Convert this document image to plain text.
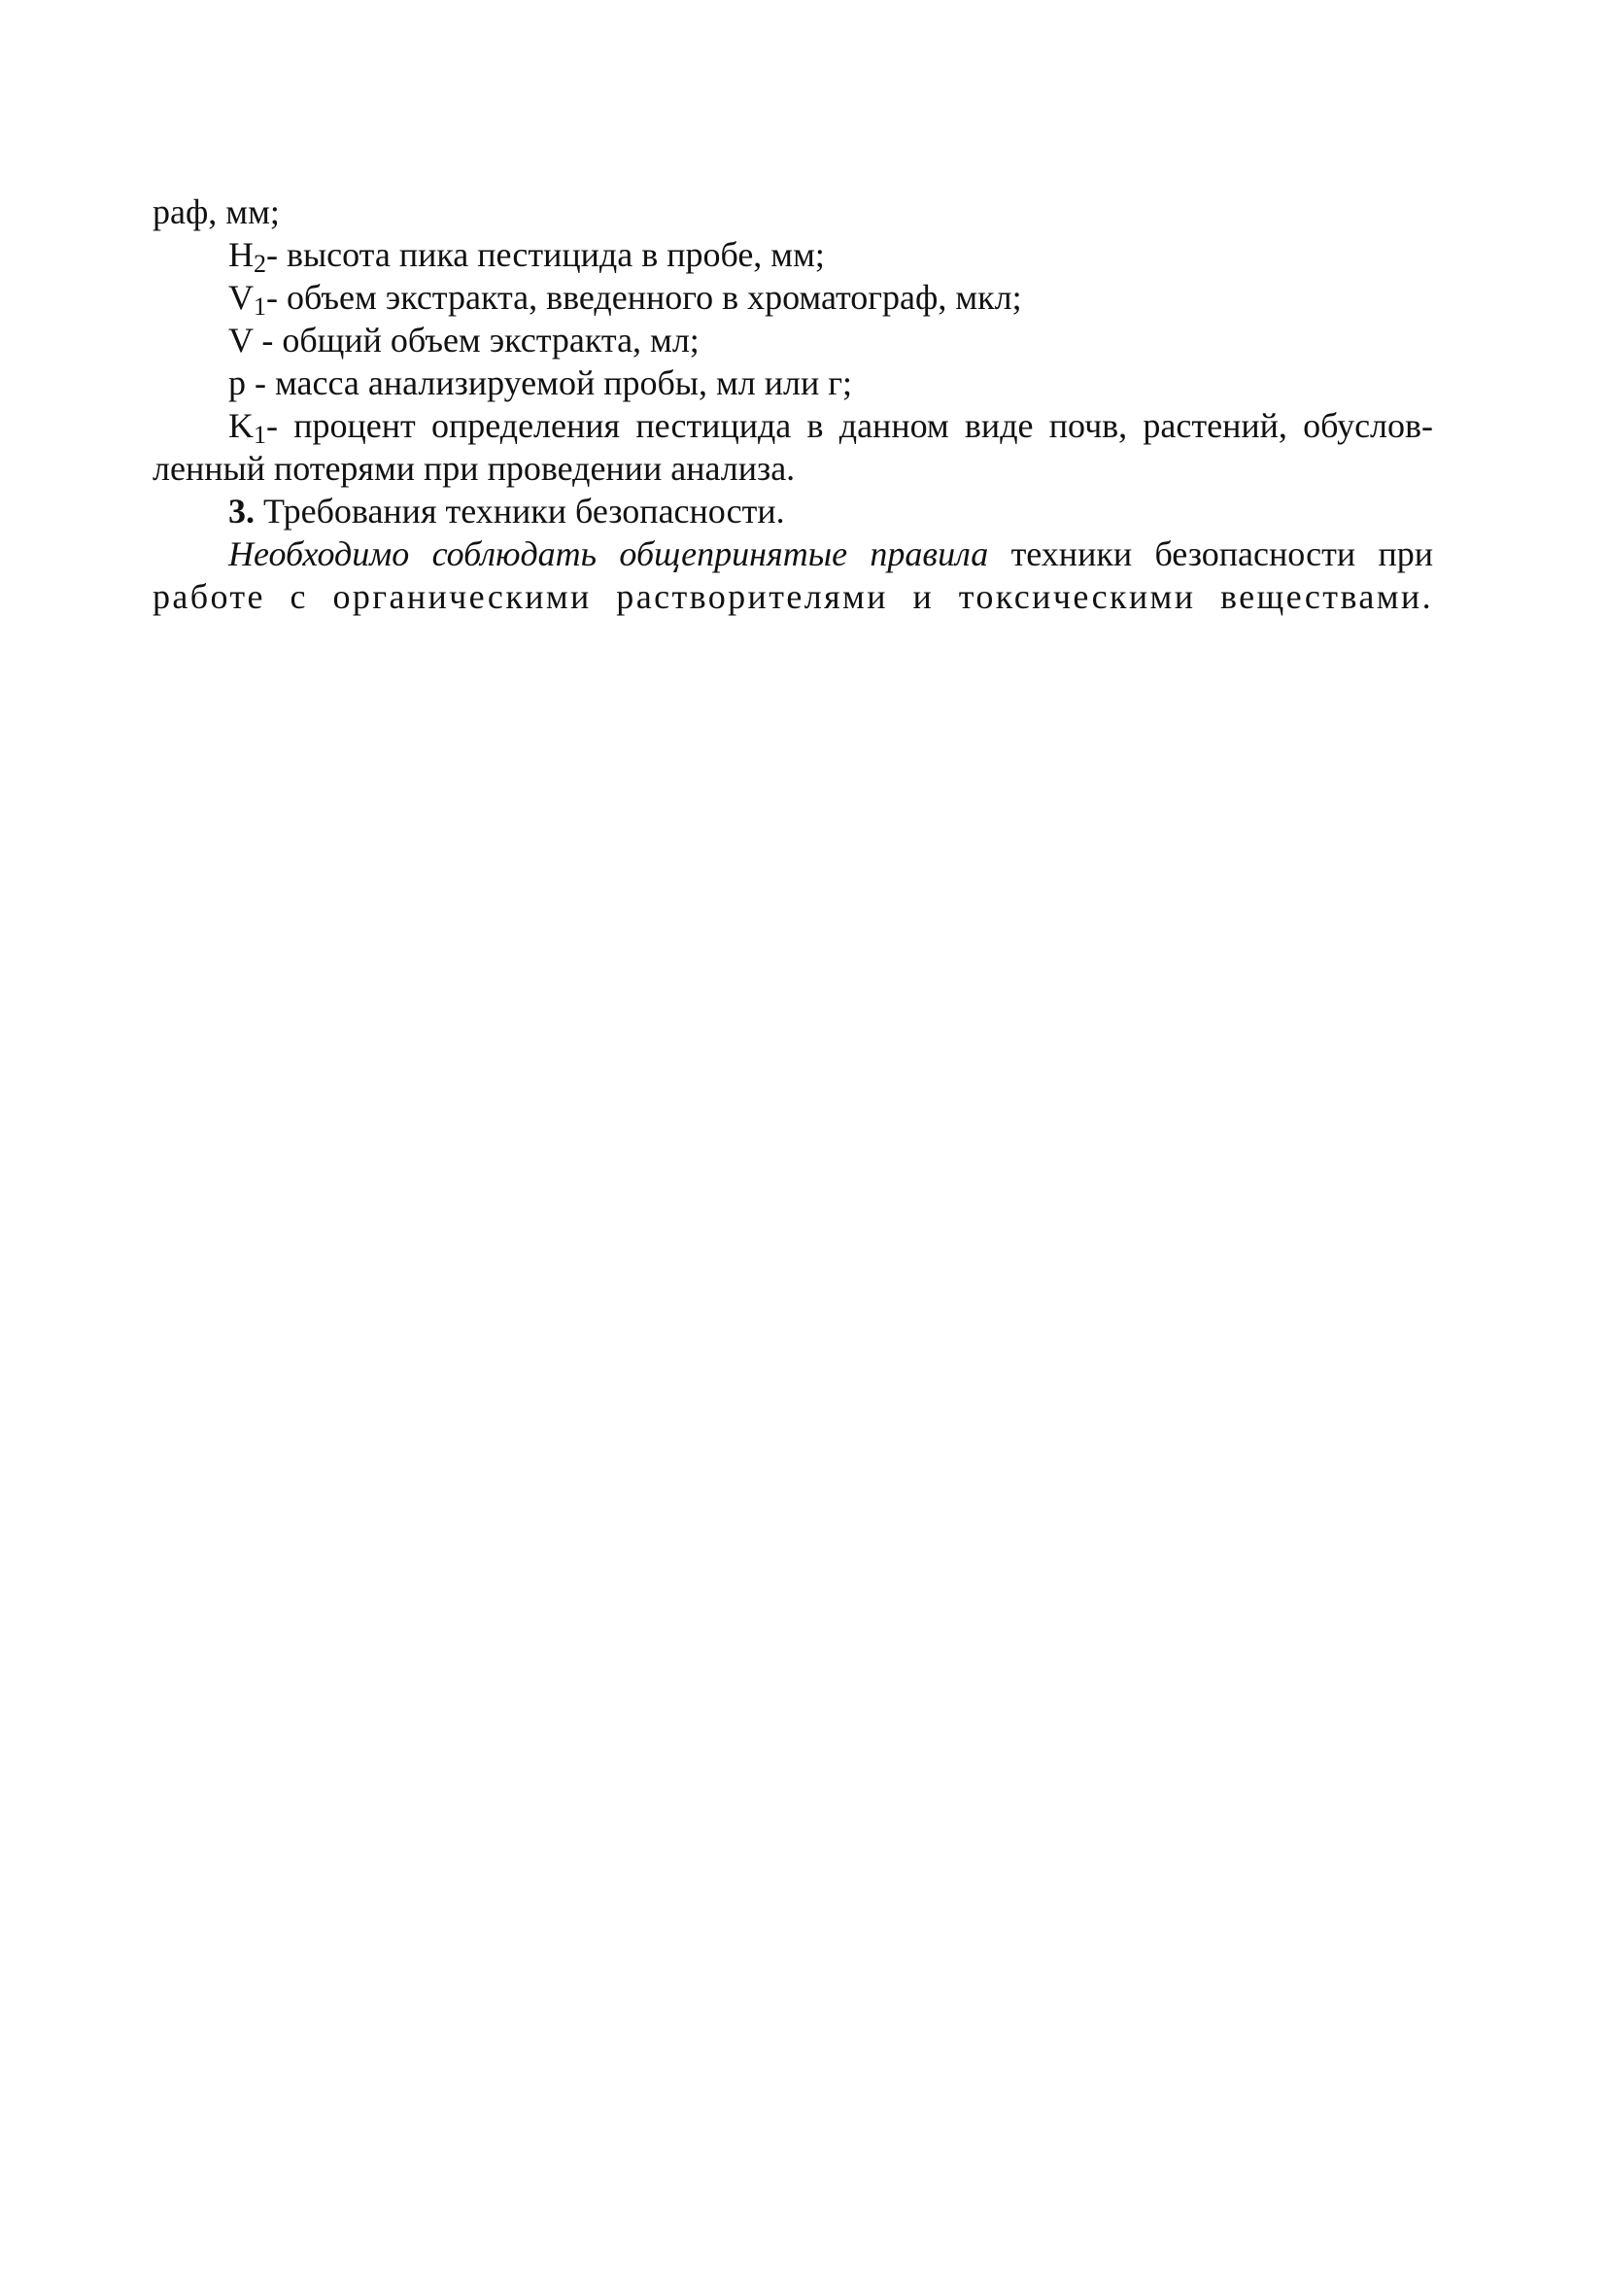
раф, мм;
$H_2-$ высота пика пестицида в пробе, мм;
$V_1-$ объем экстракта, введенного в хроматограф, мкл;
V - общий объем экстракта, мл;
p - масса анализируемой пробы, мл или г;
$K_1-$ процент определения пестицида в данном виде почв, растений, обуслов-
ленный потерями при проведении анализа.
3. Требования техники безопасности.
Необходимо соблюдать общепринятые правила техники безопасности при
работе с органическими растворителями и токсическими веществами.
